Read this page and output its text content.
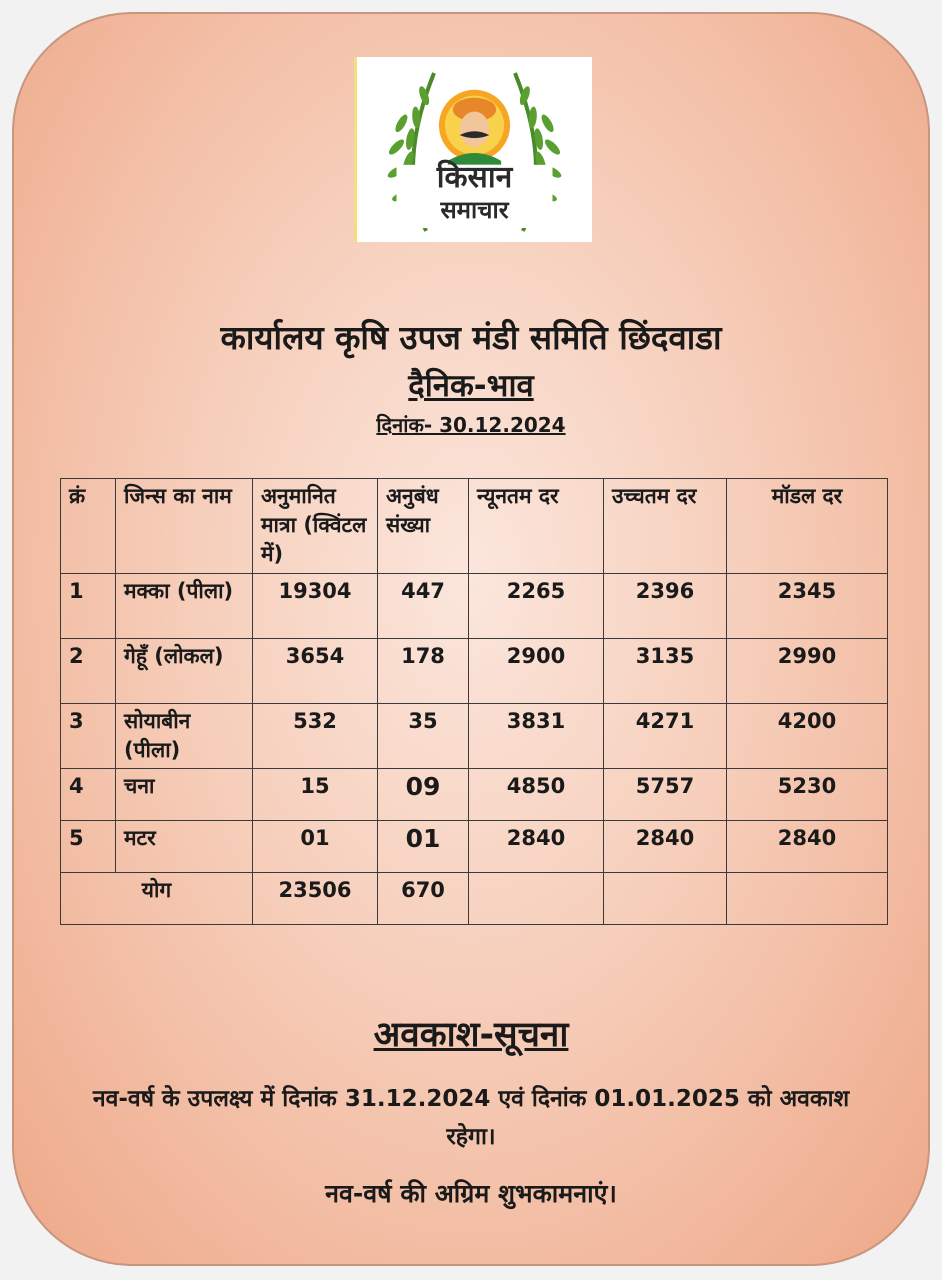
किसान
समाचार
कार्यालय कृषि उपज मंडी समिति छिंदवाडा
दैनिक-भाव
दिनांक- 30.12.2024
क्रं	जिन्स का नाम	अनुमानित मात्रा (क्विंटल में)	अनुबंध संख्या	न्यूनतम दर	उच्चतम दर	मॉडल दर
1	मक्का (पीला)	19304	447	2265	2396	2345
2	गेहूँ (लोकल)	3654	178	2900	3135	2990
3	सोयाबीन (पीला)	532	35	3831	4271	4200
4	चना	15	09	4850	5757	5230
5	मटर	01	01	2840	2840	2840
योग		23506	670			
अवकाश-सूचना
नव-वर्ष के उपलक्ष्य में दिनांक 31.12.2024 एवं दिनांक 01.01.2025 को अवकाश रहेगा।
नव-वर्ष की अग्रिम शुभकामनाएं।
